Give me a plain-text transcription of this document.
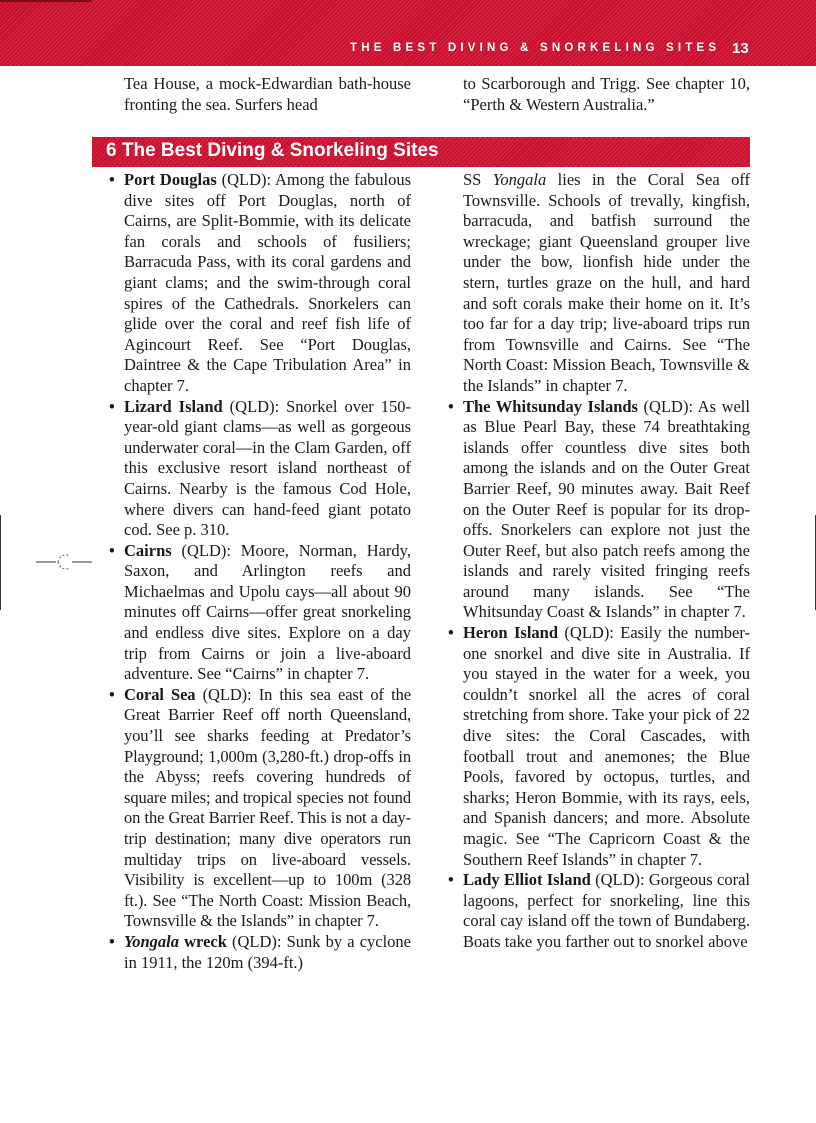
THE BEST DIVING & SNORKELING SITES 13

Tea House, a mock-Edwardian bath-house fronting the sea. Surfers head

to Scarborough and Trigg. See chapter 10, “Perth & Western Australia.”

6 The Best Diving & Snorkeling Sites
• Port Douglas (QLD): Among the fabulous dive sites off Port Douglas, north of Cairns, are Split-Bommie, with its delicate fan corals and schools of fusiliers; Barracuda Pass, with its coral gardens and giant clams; and the swim-through coral spires of the Cathedrals. Snorkelers can glide over the coral and reef fish life of Agincourt Reef. See “Port Douglas, Daintree & the Cape Tribulation Area” in chapter 7.
• Lizard Island (QLD): Snorkel over 150-year-old giant clams—as well as gorgeous underwater coral—in the Clam Garden, off this exclusive resort island northeast of Cairns. Nearby is the famous Cod Hole, where divers can hand-feed giant potato cod. See p. 310.
• Cairns (QLD): Moore, Norman, Hardy, Saxon, and Arlington reefs and Michaelmas and Upolu cays—all about 90 minutes off Cairns—offer great snorkeling and endless dive sites. Explore on a day trip from Cairns or join a live-aboard adventure. See “Cairns” in chapter 7.
• Coral Sea (QLD): In this sea east of the Great Barrier Reef off north Queensland, you’ll see sharks feeding at Predator’s Playground; 1,000m (3,280-ft.) drop-offs in the Abyss; reefs covering hundreds of square miles; and tropical species not found on the Great Barrier Reef. This is not a day-trip destination; many dive operators run multiday trips on live-aboard vessels. Visibility is excellent—up to 100m (328 ft.). See “The North Coast: Mission Beach, Townsville & the Islands” in chapter 7.
• Yongala wreck (QLD): Sunk by a cyclone in 1911, the 120m (394-ft.)

SS Yongala lies in the Coral Sea off Townsville. Schools of trevally, kingfish, barracuda, and batfish surround the wreckage; giant Queensland grouper live under the bow, lionfish hide under the stern, turtles graze on the hull, and hard and soft corals make their home on it. It’s too far for a day trip; live-aboard trips run from Townsville and Cairns. See “The North Coast: Mission Beach, Townsville & the Islands” in chapter 7.

• The Whitsunday Islands (QLD): As well as Blue Pearl Bay, these 74 breathtaking islands offer countless dive sites both among the islands and on the Outer Great Barrier Reef, 90 minutes away. Bait Reef on the Outer Reef is popular for its drop-offs. Snorkelers can explore not just the Outer Reef, but also patch reefs among the islands and rarely visited fringing reefs around many islands. See “The Whitsunday Coast & Islands” in chapter 7.
• Heron Island (QLD): Easily the number-one snorkel and dive site in Australia. If you stayed in the water for a week, you couldn’t snorkel all the acres of coral stretching from shore. Take your pick of 22 dive sites: the Coral Cascades, with football trout and anemones; the Blue Pools, favored by octopus, turtles, and sharks; Heron Bommie, with its rays, eels, and Spanish dancers; and more. Absolute magic. See “The Capricorn Coast & the Southern Reef Islands” in chapter 7.
• Lady Elliot Island (QLD): Gorgeous coral lagoons, perfect for snorkeling, line this coral cay island off the town of Bundaberg. Boats take you farther out to snorkel above
